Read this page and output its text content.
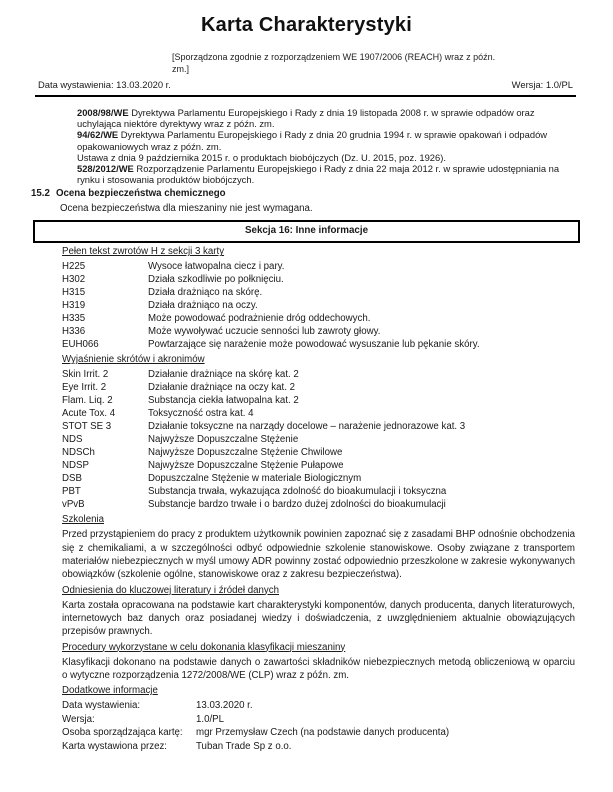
Karta Charakterystyki
[Sporządzona zgodnie z rozporządzeniem WE 1907/2006 (REACH) wraz z późn. zm.]
Data wystawienia: 13.03.2020 r.	Wersja: 1.0/PL

2008/98/WE Dyrektywa Parlamentu Europejskiego i Rady z dnia 19 listopada 2008 r. w sprawie odpadów oraz uchylająca niektóre dyrektywy wraz z późn. zm.

94/62/WE Dyrektywa Parlamentu Europejskiego i Rady z dnia 20 grudnia 1994 r. w sprawie opakowań i odpadów opakowaniowych wraz z późn. zm.

Ustawa z dnia 9 października 2015 r. o produktach biobójczych (Dz. U. 2015, poz. 1926).

528/2012/WE Rozporządzenie Parlamentu Europejskiego i Rady z dnia 22 maja 2012 r. w sprawie udostępniania na rynku i stosowania produktów biobójczych.

15.2 Ocena bezpieczeństwa chemicznego
Ocena bezpieczeństwa dla mieszaniny nie jest wymagana.
Sekcja 16: Inne informacje
Pełen tekst zwrotów H z sekcji 3 karty
H225	Wysoce łatwopalna ciecz i pary.
H302	Działa szkodliwie po połknięciu.
H315	Działa drażniąco na skórę.
H319	Działa drażniąco na oczy.
H335	Może powodować podrażnienie dróg oddechowych.
H336	Może wywoływać uczucie senności lub zawroty głowy.
EUH066	Powtarzające się narażenie może powodować wysuszanie lub pękanie skóry.
Wyjaśnienie skrótów i akronimów
Skin Irrit. 2	Działanie drażniące na skórę kat. 2
Eye Irrit. 2	Działanie drażniące na oczy kat. 2
Flam. Liq. 2	Substancja ciekła łatwopalna kat. 2
Acute Tox. 4	Toksyczność ostra kat. 4
STOT SE 3	Działanie toksyczne na narządy docelowe – narażenie jednorazowe kat. 3
NDS	Najwyższe Dopuszczalne Stężenie
NDSCh	Najwyższe Dopuszczalne Stężenie Chwilowe
NDSP	Najwyższe Dopuszczalne Stężenie Pułapowe
DSB	Dopuszczalne Stężenie w materiale Biologicznym
PBT	Substancja trwała, wykazująca zdolność do bioakumulacji i toksyczna
vPvB	Substancje bardzo trwałe i o bardzo dużej zdolności do bioakumulacji
Szkolenia
Przed przystąpieniem do pracy z produktem użytkownik powinien zapoznać się z zasadami BHP odnośnie obchodzenia się z chemikaliami, a w szczególności odbyć odpowiednie szkolenie stanowiskowe. Osoby związane z transportem materiałów niebezpiecznych w myśl umowy ADR powinny zostać odpowiednio przeszkolone w zakresie wykonywanych obowiązków (szkolenie ogólne, stanowiskowe oraz z zakresu bezpieczeństwa).
Odniesienia do kluczowej literatury i źródeł danych
Karta została opracowana na podstawie kart charakterystyki komponentów, danych producenta, danych literaturowych, internetowych baz danych oraz posiadanej wiedzy i doświadczenia, z uwzględnieniem aktualnie obowiązujących przepisów prawnych.
Procedury wykorzystane w celu dokonania klasyfikacji mieszaniny
Klasyfikacji dokonano na podstawie danych o zawartości składników niebezpiecznych metodą obliczeniową w oparciu o wytyczne rozporządzenia 1272/2008/WE (CLP) wraz z późn. zm.
Dodatkowe informacje
Data wystawienia:	13.03.2020 r.
Wersja:	1.0/PL
Osoba sporządzająca kartę:	mgr Przemysław Czech (na podstawie danych producenta)
Karta wystawiona przez:	Tuban Trade Sp z o.o.
